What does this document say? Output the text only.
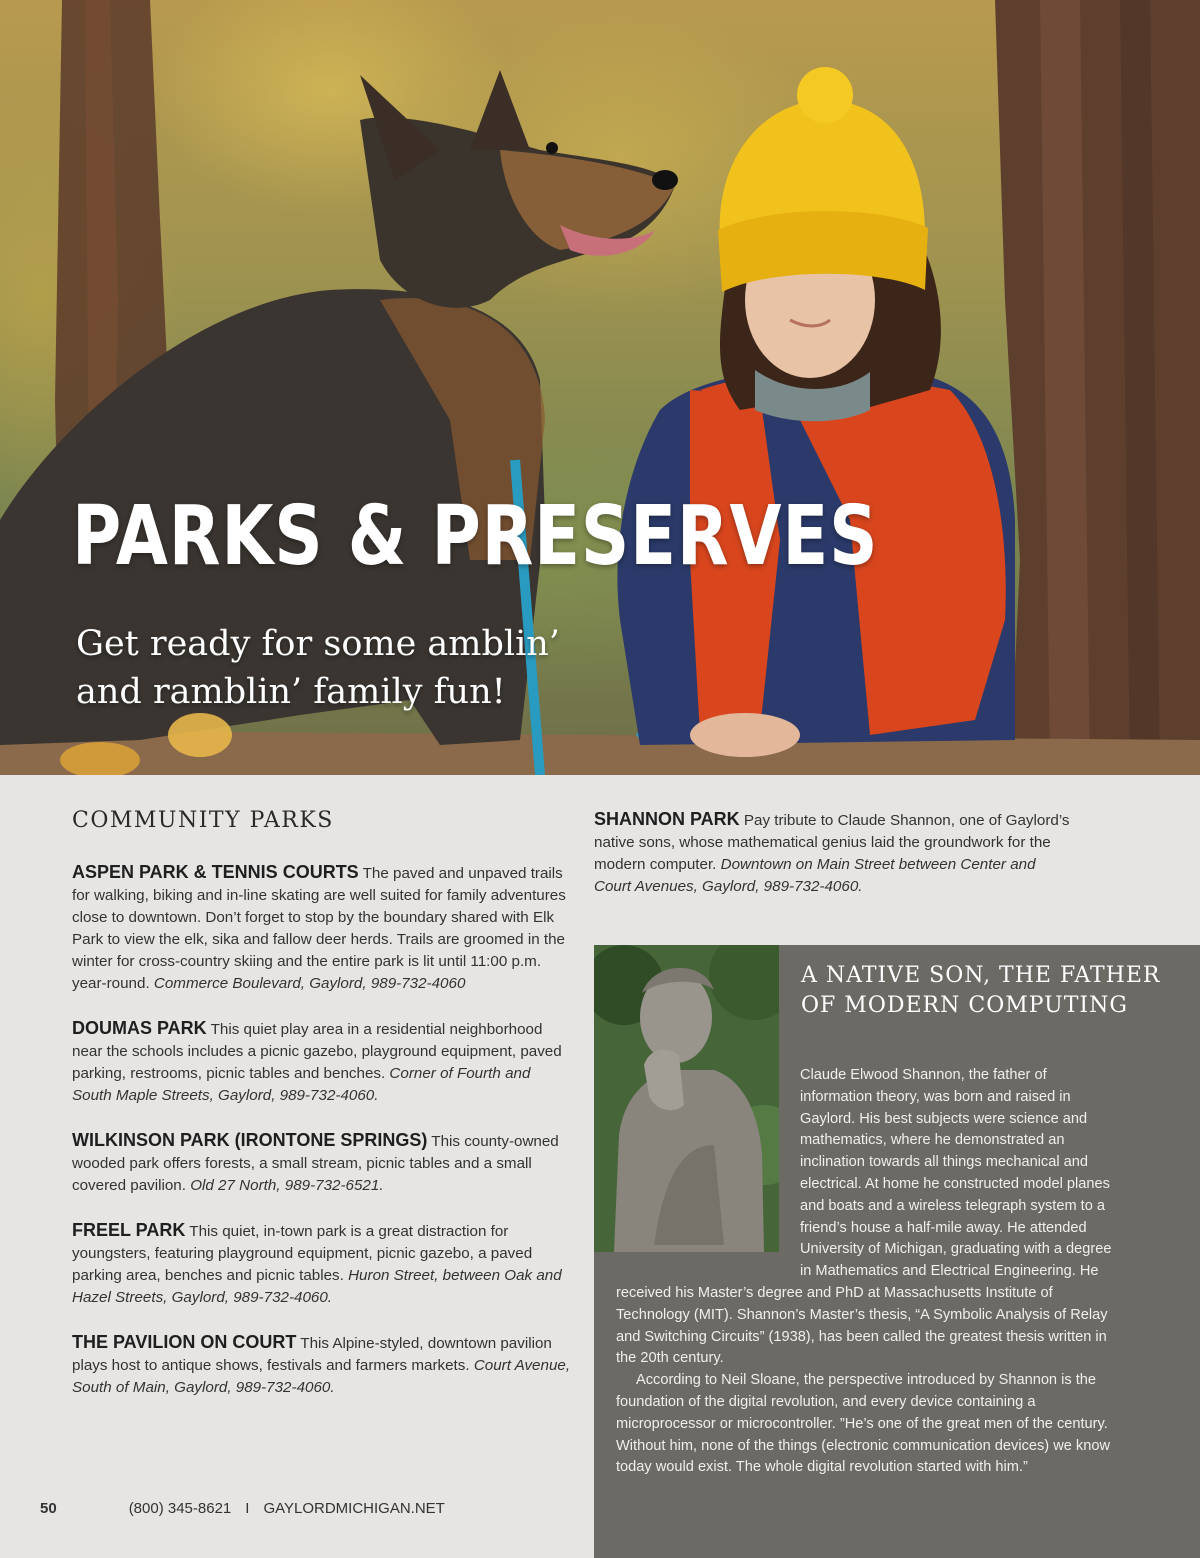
PARKS & PRESERVES
Get ready for some amblin’
and ramblin’ family fun!
COMMUNITY PARKS
ASPEN PARK & TENNIS COURTS The paved and unpaved trails for walking, biking and in-line skating are well suited for family adventures close to downtown. Don’t forget to stop by the boundary shared with Elk Park to view the elk, sika and fallow deer herds. Trails are groomed in the winter for cross-country skiing and the entire park is lit until 11:00 p.m. year-round. Commerce Boulevard, Gaylord, 989-732-4060
DOUMAS PARK This quiet play area in a residential neighborhood near the schools includes a picnic gazebo, playground equipment, paved parking, restrooms, picnic tables and benches. Corner of Fourth and South Maple Streets, Gaylord, 989-732-4060.
WILKINSON PARK (IRONTONE SPRINGS) This county-owned wooded park offers forests, a small stream, picnic tables and a small covered pavilion. Old 27 North, 989-732-6521.
FREEL PARK This quiet, in-town park is a great distraction for youngsters, featuring playground equipment, picnic gazebo, a paved parking area, benches and picnic tables. Huron Street, between Oak and Hazel Streets, Gaylord, 989-732-4060.
THE PAVILION ON COURT This Alpine-styled, downtown pavilion plays host to antique shows, festivals and farmers markets. Court Avenue, South of Main, Gaylord, 989-732-4060.
SHANNON PARK Pay tribute to Claude Shannon, one of Gaylord’s native sons, whose mathematical genius laid the groundwork for the modern computer. Downtown on Main Street between Center and Court Avenues, Gaylord, 989-732-4060.
A NATIVE SON, THE FATHER OF MODERN COMPUTING

Claude Elwood Shannon, the father of information theory, was born and raised in Gaylord. His best subjects were science and mathematics, where he demonstrated an inclination towards all things mechanical and electrical. At home he constructed model planes and boats and a wireless telegraph system to a friend’s house a half-mile away. He attended University of Michigan, graduating with a degree in Mathematics and Electrical Engineering. He received his Master’s degree and PhD at Massachusetts Institute of Technology (MIT). Shannon’s Master’s thesis, “A Symbolic Analysis of Relay and Switching Circuits” (1938), has been called the greatest thesis written in the 20th century.

According to Neil Sloane, the perspective introduced by Shannon is the foundation of the digital revolution, and every device containing a microprocessor or microcontroller. ”He’s one of the great men of the century. Without him, none of the things (electronic communication devices) we know today would exist. The whole digital revolution started with him.”

50	(800) 345-8621 I GAYLORDMICHIGAN.NET
